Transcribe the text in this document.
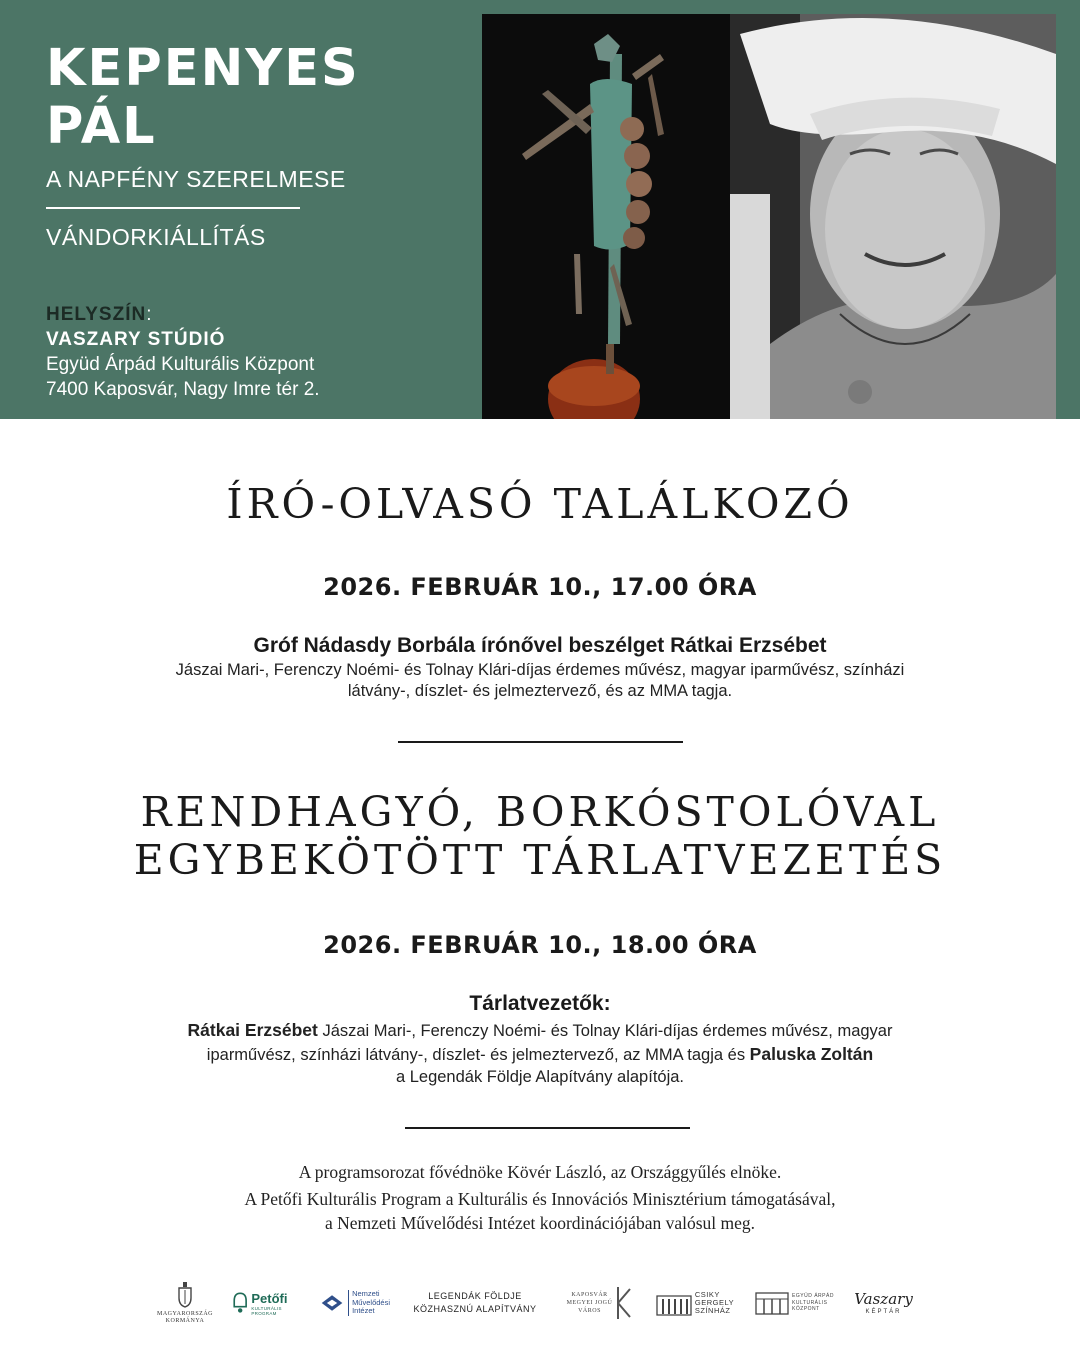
KEPENYES
PÁL
A NAPFÉNY SZERELMESE
VÁNDORKIÁLLÍTÁS
HELYSZÍN:
VASZARY STÚDIÓ
Együd Árpád Kulturális Központ
7400 Kaposvár, Nagy Imre tér 2.
ÍRÓ-OLVASÓ TALÁLKOZÓ
2026. FEBRUÁR 10., 17.00 ÓRA
Gróf Nádasdy Borbála írónővel beszélget Rátkai Erzsébet
Jászai Mari-, Ferenczy Noémi- és Tolnay Klári-díjas érdemes művész, magyar iparművész, színházi
látvány-, díszlet- és jelmeztervező, és az MMA tagja.
RENDHAGYÓ, BORKÓSTOLÓVAL
EGYBEKÖTÖTT TÁRLATVEZETÉS
2026. FEBRUÁR 10., 18.00 ÓRA
Tárlatvezetők:
Rátkai Erzsébet Jászai Mari-, Ferenczy Noémi- és Tolnay Klári-díjas érdemes művész, magyar
iparművész, színházi látvány-, díszlet- és jelmeztervező, az MMA tagja és Paluska Zoltán
a Legendák Földje Alapítvány alapítója.
A programsorozat fővédnöke Kövér László, az Országgyűlés elnöke.
A Petőfi Kulturális Program a Kulturális és Innovációs Minisztérium támogatásával,
a Nemzeti Művelődési Intézet koordinációjában valósul meg.
MAGYARORSZÁG
KORMÁNYA
Petőfi
KULTURÁLIS PROGRAM
Nemzeti
Művelődési
Intézet
LEGENDÁK FÖLDJE
KÖZHASZNÚ ALAPÍTVÁNY
KAPOSVÁR
MEGYEI JOGÚ
VÁROS
CSIKY
GERGELY
SZÍNHÁZ
EGYÜD ÁRPÁD
KULTURÁLIS
KÖZPONT
Vaszary
KÉPTÁR
